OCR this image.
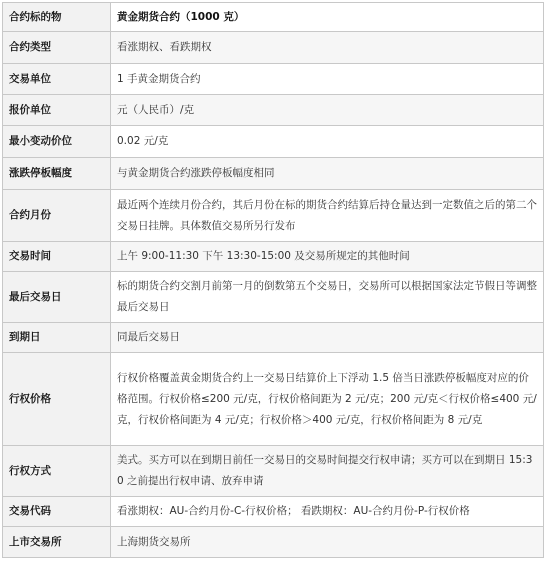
合约标的物	黄金期货合约（1000 克）
合约类型	看涨期权、看跌期权
交易单位	1 手黄金期货合约
报价单位	元（人民币）/克
最小变动价位	0.02 元/克
涨跌停板幅度	与黄金期货合约涨跌停板幅度相同
合约月份	最近两个连续月份合约，其后月份在标的期货合约结算后持仓量达到一定数值之后的第二个交易日挂牌。具体数值交易所另行发布
交易时间	上午 9:00-11:30 下午 13:30-15:00 及交易所规定的其他时间
最后交易日	标的期货合约交割月前第一月的倒数第五个交易日，交易所可以根据国家法定节假日等调整最后交易日
到期日	同最后交易日
行权价格	行权价格覆盖黄金期货合约上一交易日结算价上下浮动 1.5 倍当日涨跌停板幅度对应的价格范围。行权价格≤200 元/克，行权价格间距为 2 元/克；200 元/克＜行权价格≤400 元/克，行权价格间距为 4 元/克；行权价格＞400 元/克，行权价格间距为 8 元/克
行权方式	美式。买方可以在到期日前任一交易日的交易时间提交行权申请；买方可以在到期日 15:30 之前提出行权申请、放弃申请
交易代码	看涨期权：AU-合约月份-C-行权价格； 看跌期权：AU-合约月份-P-行权价格
上市交易所	上海期货交易所
